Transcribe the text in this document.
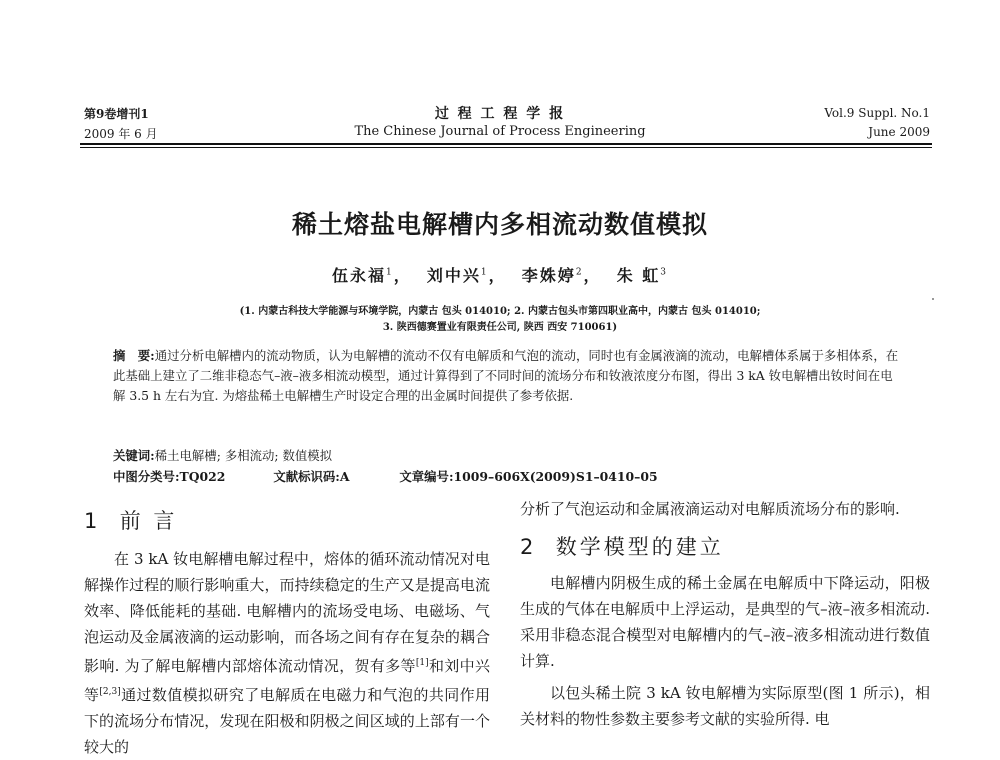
第9卷增刊1
2009 年 6 月
过 程 工 程 学 报
The Chinese Journal of Process Engineering
Vol.9 Suppl. No.1
June 2009
稀土熔盐电解槽内多相流动数值模拟
伍永福$^1$，  刘中兴$^1$，  李姝婷$^2$，  朱 虹$^3$
(1. 内蒙古科技大学能源与环境学院，内蒙古 包头 014010; 2. 内蒙古包头市第四职业高中，内蒙古 包头 014010;
3. 陕西德赛置业有限责任公司, 陕西 西安 710061)
摘　要:通过分析电解槽内的流动物质，认为电解槽的流动不仅有电解质和气泡的流动，同时也有金属液滴的流动，电解槽体系属于多相体系，在此基础上建立了二维非稳态气–液–液多相流动模型，通过计算得到了不同时间的流场分布和钕液浓度分布图，得出 3 kA 钕电解槽出钕时间在电解 3.5 h 左右为宜. 为熔盐稀土电解槽生产时设定合理的出金属时间提供了参考依据.
关键词:稀土电解槽; 多相流动; 数值模拟
中图分类号:TQ022	文献标识码:A	文章编号:1009–606X(2009)S1–0410–05
1 前 言

在 3 kA 钕电解槽电解过程中，熔体的循环流动情况对电解操作过程的顺行影响重大，而持续稳定的生产又是提高电流效率、降低能耗的基础. 电解槽内的流场受电场、电磁场、气泡运动及金属液滴的运动影响，而各场之间有存在复杂的耦合影响. 为了解电解槽内部熔体流动情况，贺有多等[1]和刘中兴等[2,3]通过数值模拟研究了电解质在电磁力和气泡的共同作用下的流场分布情况，发现在阳极和阴极之间区域的上部有一个较大的

分析了气泡运动和金属液滴运动对电解质流场分布的影响.

2 数学模型的建立

电解槽内阴极生成的稀土金属在电解质中下降运动，阳极生成的气体在电解质中上浮运动，是典型的气–液–液多相流动. 采用非稳态混合模型对电解槽内的气–液–液多相流动进行数值计算.

以包头稀土院 3 kA 钕电解槽为实际原型(图 1 所示)，相关材料的物性参数主要参考文献的实验所得. 电
